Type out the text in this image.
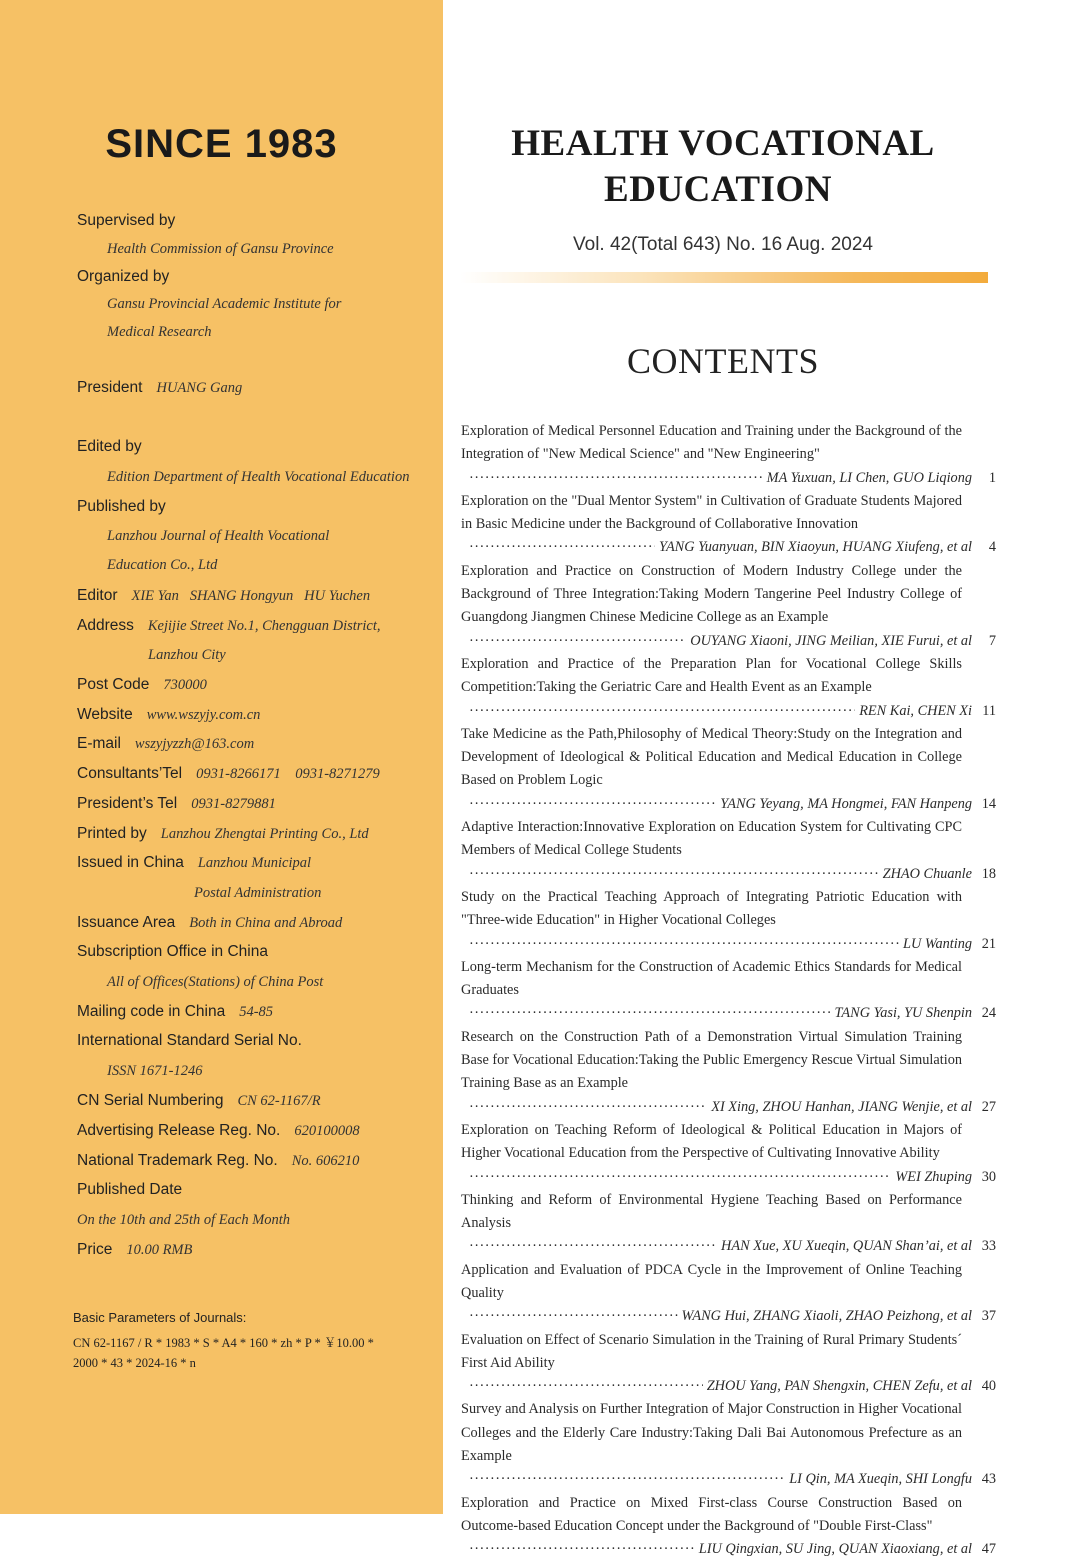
SINCE 1983
Supervised by
Health Commission of Gansu Province
Organized by
Gansu Provincial Academic Institute for
Medical Research
President HUANG Gang
Edited by
Edition Department of Health Vocational Education
Published by
Lanzhou Journal of Health Vocational
Education Co., Ltd
Editor XIE Yan   SHANG Hongyun   HU Yuchen
Address Kejijie Street No.1, Chengguan District,
Lanzhou City
Post Code 730000
Website www.wszyjy.com.cn
E-mail wszyjyzzh@163.com
Consultants’Tel 0931-8266171    0931-8271279
President’s Tel 0931-8279881
Printed by Lanzhou Zhengtai Printing Co., Ltd
Issued in China Lanzhou Municipal
Postal Administration
Issuance Area Both in China and Abroad
Subscription Office in China
All of Offices(Stations) of China Post
Mailing code in China 54-85
International Standard Serial No.
ISSN 1671-1246
CN Serial Numbering CN 62-1167/R
Advertising Release Reg. No. 620100008
National Trademark Reg. No. No. 606210
Published Date
On the 10th and 25th of Each Month
Price 10.00 RMB
Basic Parameters of Journals:
CN 62-1167 / R * 1983 * S * A4 * 160 * zh * P * ￥10.00 *
2000 * 43 * 2024-16 * n
HEALTH VOCATIONAL
EDUCATION
Vol. 42(Total 643) No. 16 Aug. 2024
CONTENTS
Exploration of Medical Personnel Education and Training under the Background of the Integration of "New Medical Science" and "New Engineering"
·····
MA Yuxuan, LI Chen, GUO Liqiong	1
Exploration on the "Dual Mentor System" in Cultivation of Graduate Students Majored in Basic Medicine under the Background of Collaborative Innovation
·····
YANG Yuanyuan, BIN Xiaoyun, HUANG Xiufeng, et al	4
Exploration and Practice on Construction of Modern Industry College under the Background of Three Integration:Taking Modern Tangerine Peel Industry College of Guangdong Jiangmen Chinese Medicine College as an Example
·····
OUYANG Xiaoni, JING Meilian, XIE Furui, et al	7
Exploration and Practice of the Preparation Plan for Vocational College Skills Competition:Taking the Geriatric Care and Health Event as an Example
·····
REN Kai, CHEN Xi 11
Take Medicine as the Path,Philosophy of Medical Theory:Study on the Integration and Development of Ideological & Political Education and Medical Education in College Based on Problem Logic
·····
YANG Yeyang, MA Hongmei, FAN Hanpeng 14
Adaptive Interaction:Innovative Exploration on Education System for Cultivating CPC Members of Medical College Students
·····
ZHAO Chuanle 18
Study on the Practical Teaching Approach of Integrating Patriotic Education with "Three-wide Education" in Higher Vocational Colleges
·····
LU Wanting 21
Long-term Mechanism for the Construction of Academic Ethics Standards for Medical Graduates
·····
TANG Yasi, YU Shenpin 24
Research on the Construction Path of a Demonstration Virtual Simulation Training Base for Vocational Education:Taking the Public Emergency Rescue Virtual Simulation Training Base as an Example
·····
XI Xing, ZHOU Hanhan, JIANG Wenjie, et al 27
Exploration on Teaching Reform of Ideological & Political Education in Majors of Higher Vocational Education from the Perspective of Cultivating Innovative Ability
·····
WEI Zhuping 30
Thinking and Reform of Environmental Hygiene Teaching Based on Performance Analysis
·····
HAN Xue, XU Xueqin, QUAN Shan’ai, et al 33
Application and Evaluation of PDCA Cycle in the Improvement of Online Teaching Quality
·····
WANG Hui, ZHANG Xiaoli, ZHAO Peizhong, et al 37
Evaluation on Effect of Scenario Simulation in the Training of Rural Primary Students´ First Aid Ability
·····
ZHOU Yang, PAN Shengxin, CHEN Zefu, et al 40
Survey and Analysis on Further Integration of Major Construction in Higher Vocational Colleges and the Elderly Care Industry:Taking Dali Bai Autonomous Prefecture as an Example
·····
LI Qin, MA Xueqin, SHI Longfu 43
Exploration and Practice on Mixed First-class Course Construction Based on Outcome-based Education Concept under the Background of "Double First-Class"
·····
LIU Qingxian, SU Jing, QUAN Xiaoxiang, et al 47
